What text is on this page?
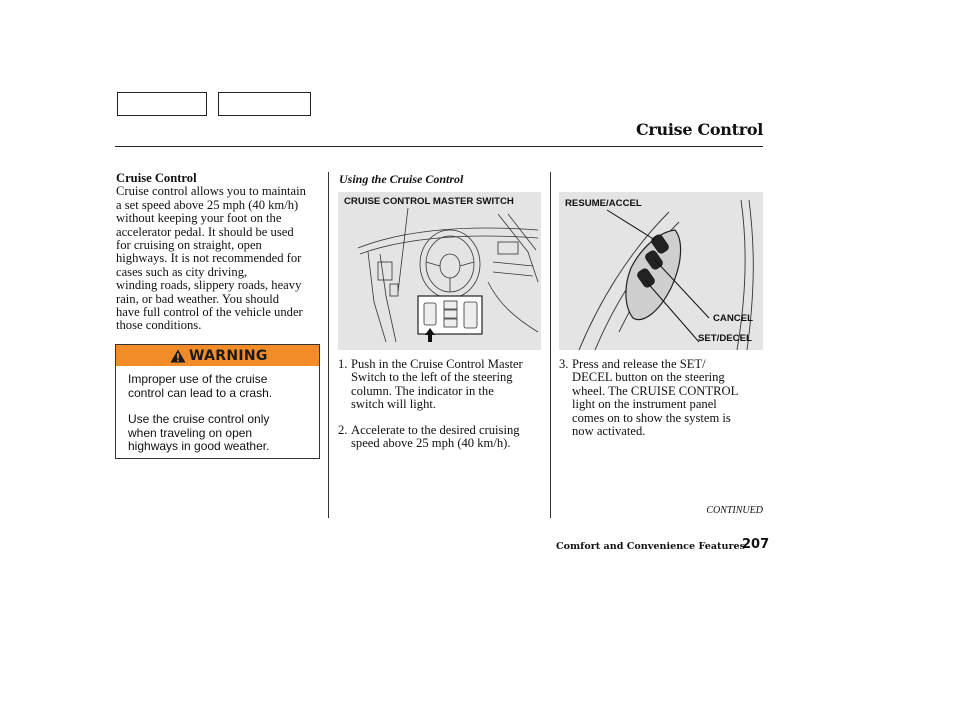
Cruise Control
Cruise Control
Cruise control allows you to maintain
a set speed above 25 mph (40 km/h)
without keeping your foot on the
accelerator pedal. It should be used
for cruising on straight, open
highways. It is not recommended for
cases such as city driving,
winding roads, slippery roads, heavy
rain, or bad weather. You should
have full control of the vehicle under
those conditions.
WARNING
Improper use of the cruise
control can lead to a crash.
Use the cruise control only
when traveling on open
highways in good weather.
Using the Cruise Control
CRUISE CONTROL MASTER SWITCH
1. Push in the Cruise Control Master
Switch to the left of the steering
column. The indicator in the
switch will light.
2. Accelerate to the desired cruising
speed above 25 mph (40 km/h).
RESUME/ACCEL
CANCEL
SET/DECEL
3. Press and release the SET/
DECEL button on the steering
wheel. The CRUISE CONTROL
light on the instrument panel
comes on to show the system is
now activated.
CONTINUED
Comfort and Convenience Features
207
